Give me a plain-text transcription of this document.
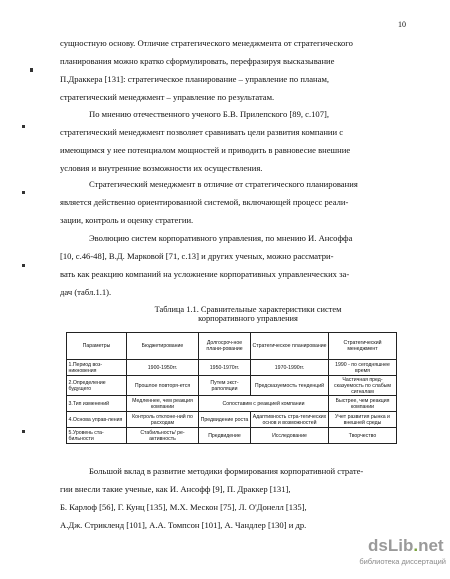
10
сущностную основу. Отличие стратегического менеджмента от стратегического
планирования можно кратко сформулировать, перефразируя высказывание
П.Драккера [131]: стратегическое планирование – управление по планам,
стратегический менеджмент – управление по результатам.
По мнению отечественного ученого Б.В. Прилепского [89, с.107],
стратегический менеджмент позволяет сравнивать цели развития компании с
имеющимся у нее потенциалом мощностей и приводить в равновесие внешние
условия и внутренние возможности их осуществления.
Стратегический менеджмент в отличие от стратегического планирования
является действенно ориентированной системой, включающей процесс реали-
зации, контроль и оценку стратегии.
Эволюцию систем корпоративного управления, по мнению И. Ансоффа
[10, с.46-48], В.Д. Марковой [71, с.13] и других ученых, можно рассматри-
вать как реакцию компаний на усложнение корпоративных управленческих за-
дач (табл.1.1).
Таблица 1.1. Сравнительные характеристики систем
корпоративного управления
Параметры	Бюджетирование	Долгосроч-ное плани-рование	Стратегическое планирование	Стратегический менеджмент
1.Период воз-никновения	1900-1950гг.	1950-1970гг.	1970-1990гг.	1990 - по сегодняшнее время
2.Определение будущего	Прошлое повторя-ется	Путем экст-раполяции	Предсказуемость тенденций	Частичная пред-сказуемость по слабым сигналам
3.Тип изменений	Медленнее, чем реакция компании	Сопоставим с реакцией компании		Быстрее, чем реакция компании
4.Основа управ-ления	Контроль отклоне-ний по расходам	Предвидение роста	Адаптивность стра-тегических основ и возможностей	Учет развития рынка и внешней среды
5.Уровень ста-бильности	Стабильность/ ре-активность	Предвидение	Исследование	Творчество
Большой вклад в развитие методики формирования корпоративной страте-
гии внесли такие ученые, как И. Ансофф [9], П. Драккер [131],
Б. Карлоф [56], Г. Кунц [135], М.Х. Мескон [75], Л. О'Донелл [135],
А.Дж. Стрикленд [101], А.А. Томпсон [101], А. Чандлер [130] и др.
dsLib.net
библиотека диссертаций
